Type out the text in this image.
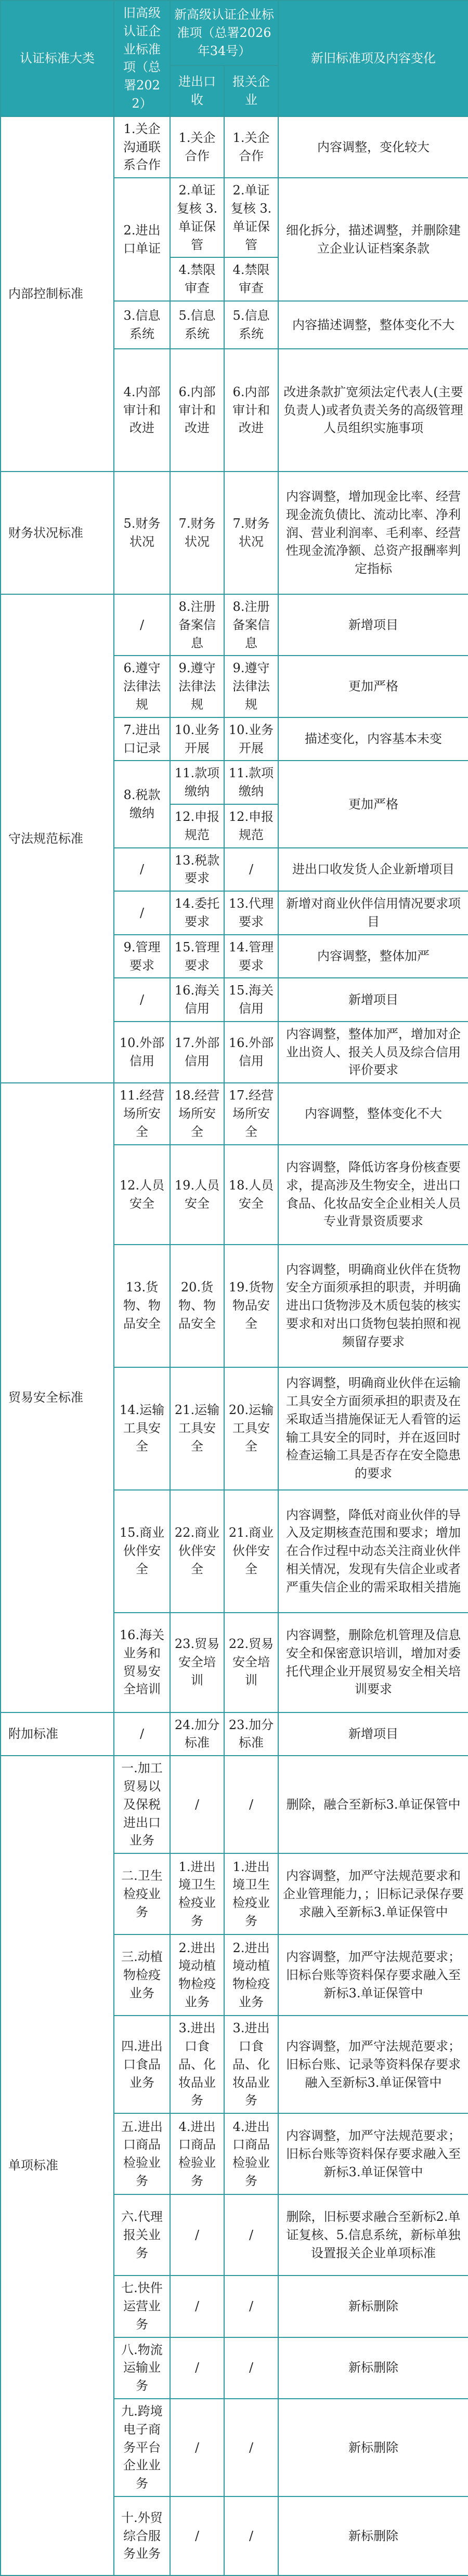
认证标准大类	旧高级认证企业标准项（总署2022）	新高级认证企业标准项（总署2026年34号）		新旧标准项及内容变化
		进出口收	报关企业	
内部控制标准	1.关企沟通联系合作	1.关企合作	1.关企合作	内容调整，变化较大
	2.进出口单证	2.单证复核 3.单证保管	2.单证复核 3.单证保管	细化拆分，描述调整，并删除建立企业认证档案条款
		4.禁限审查	4.禁限审查	
	3.信息系统	5.信息系统	5.信息系统	内容描述调整，整体变化不大
	4.内部审计和改进	6.内部审计和改进	6.内部审计和改进	改进条款扩宽须法定代表人(主要负责人)或者负责关务的高级管理人员组织实施事项
财务状况标准	5.财务状况	7.财务状况	7.财务状况	内容调整，增加现金比率、经营现金流负债比、流动比率、净利润、营业利润率、毛利率、经营性现金流净额、总资产报酬率判定指标
守法规范标准	/	8.注册备案信息	8.注册备案信息	新增项目
	6.遵守法律法规	9.遵守法律法规	9.遵守法律法规	更加严格
	7.进出口记录	10.业务开展	10.业务开展	描述变化，内容基本未变
	8.税款缴纳	11.款项缴纳	11.款项缴纳	更加严格
		12.申报规范	12.申报规范	
	/	13.税款要求	/	进出口收发货人企业新增项目
	/	14.委托要求	13.代理要求	新增对商业伙伴信用情况要求项目
	9.管理要求	15.管理要求	14.管理要求	内容调整，整体加严
	/	16.海关信用	15.海关信用	新增项目
	10.外部信用	17.外部信用	16.外部信用	内容调整，整体加严，增加对企业出资人、报关人员及综合信用评价要求
贸易安全标准	11.经营场所安全	18.经营场所安全	17.经营场所安全	内容调整，整体变化不大
	12.人员安全	19.人员安全	18.人员安全	内容调整，降低访客身份核查要求，提高涉及生物安全，进出口食品、化妆品安全企业相关人员专业背景资质要求
	13.货物、物品安全	20.货物、物品安全	19.货物物品安全	内容调整，明确商业伙伴在货物安全方面须承担的职责，并明确进出口货物涉及木质包装的核实要求和对出口货物包装拍照和视频留存要求
	14.运输工具安全	21.运输工具安全	20.运输工具安全	内容调整，明确商业伙伴在运输工具安全方面须承担的职责及在采取适当措施保证无人看管的运输工具安全的同时，并在返回时检查运输工具是否存在安全隐患的要求
	15.商业伙伴安全	22.商业伙伴安全	21.商业伙伴安全	内容调整，降低对商业伙伴的导入及定期核查范围和要求；增加在合作过程中动态关注商业伙伴相关情况，发现有失信企业或者严重失信企业的需采取相关措施
	16.海关业务和贸易安全培训	23.贸易安全培训	22.贸易安全培训	内容调整，删除危机管理及信息安全和保密意识培训，增加对委托代理企业开展贸易安全相关培训要求
附加标准	/	24.加分标准	23.加分标准	新增项目
单项标准	一.加工贸易以及保税进出口业务	/	/	删除，融合至新标3.单证保管中
	二.卫生检疫业务	1.进出境卫生检疫业务	1.进出境卫生检疫业务	内容调整，加严守法规范要求和企业管理能力，；旧标记录保存要求融入至新标3.单证保管中
	三.动植物检疫业务	2.进出境动植物检疫业务	2.进出境动植物检疫业务	内容调整，加严守法规范要求；旧标台账等资料保存要求融入至新标3.单证保管中
	四.进出口食品业务	3.进出口食品、化妆品业务	3.进出口食品、化妆品业务	内容调整，加严守法规范要求；旧标台账、记录等资料保存要求融入至新标3.单证保管中
	五.进出口商品检验业务	4.进出口商品检验业务	4.进出口商品检验业务	内容调整，加严守法规范要求；旧标台账等资料保存要求融入至新标3.单证保管中
	六.代理报关业务	/	/	删除，旧标要求融合至新标2.单证复核、5.信息系统，新标单独设置报关企业单项标准
	七.快件运营业务	/	/	新标删除
	八.物流运输业务	/	/	新标删除
	九.跨境电子商务平台企业业务	/	/	新标删除
	十.外贸综合服务业务	/	/	新标删除
